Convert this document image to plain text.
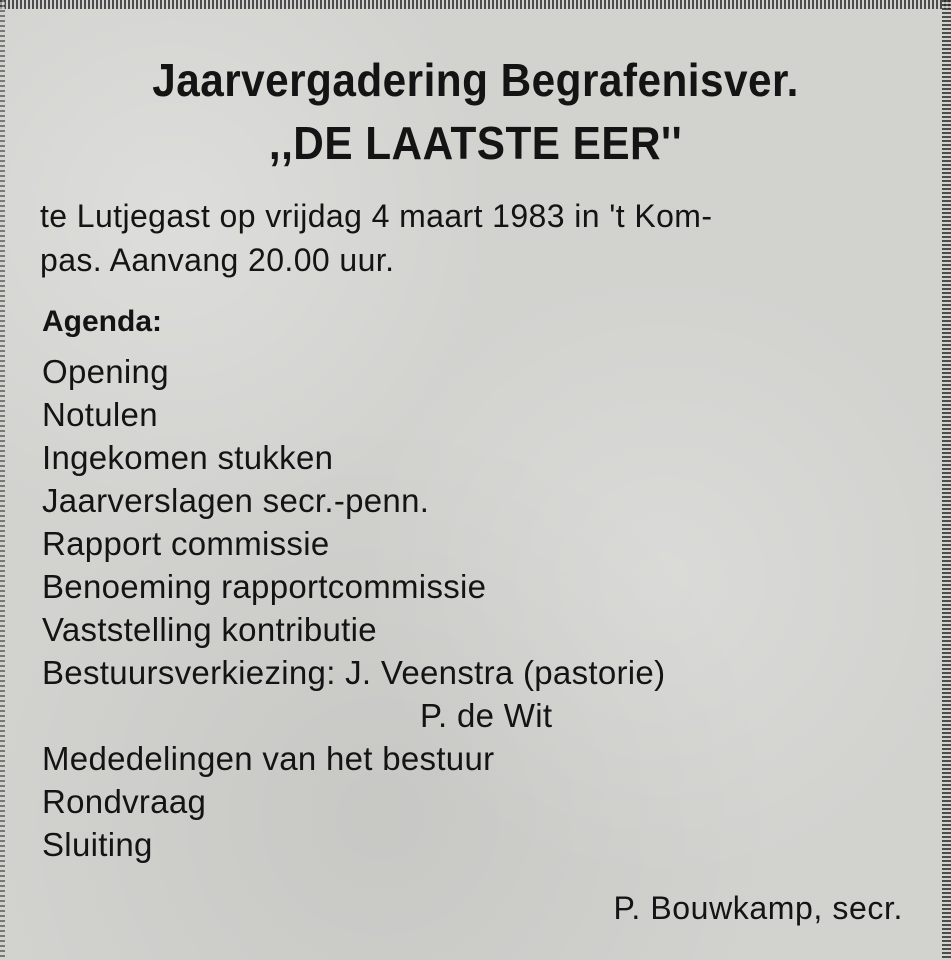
Jaarvergadering Begrafenisver.
,,DE LAATSTE EER''
te Lutjegast op vrijdag 4 maart 1983 in 't Kom-
pas. Aanvang 20.00 uur.
Agenda:
Opening
Notulen
Ingekomen stukken
Jaarverslagen secr.-penn.
Rapport commissie
Benoeming rapportcommissie
Vaststelling kontributie
Bestuursverkiezing: J. Veenstra (pastorie)
P. de Wit
Mededelingen van het bestuur
Rondvraag
Sluiting
P. Bouwkamp, secr.
